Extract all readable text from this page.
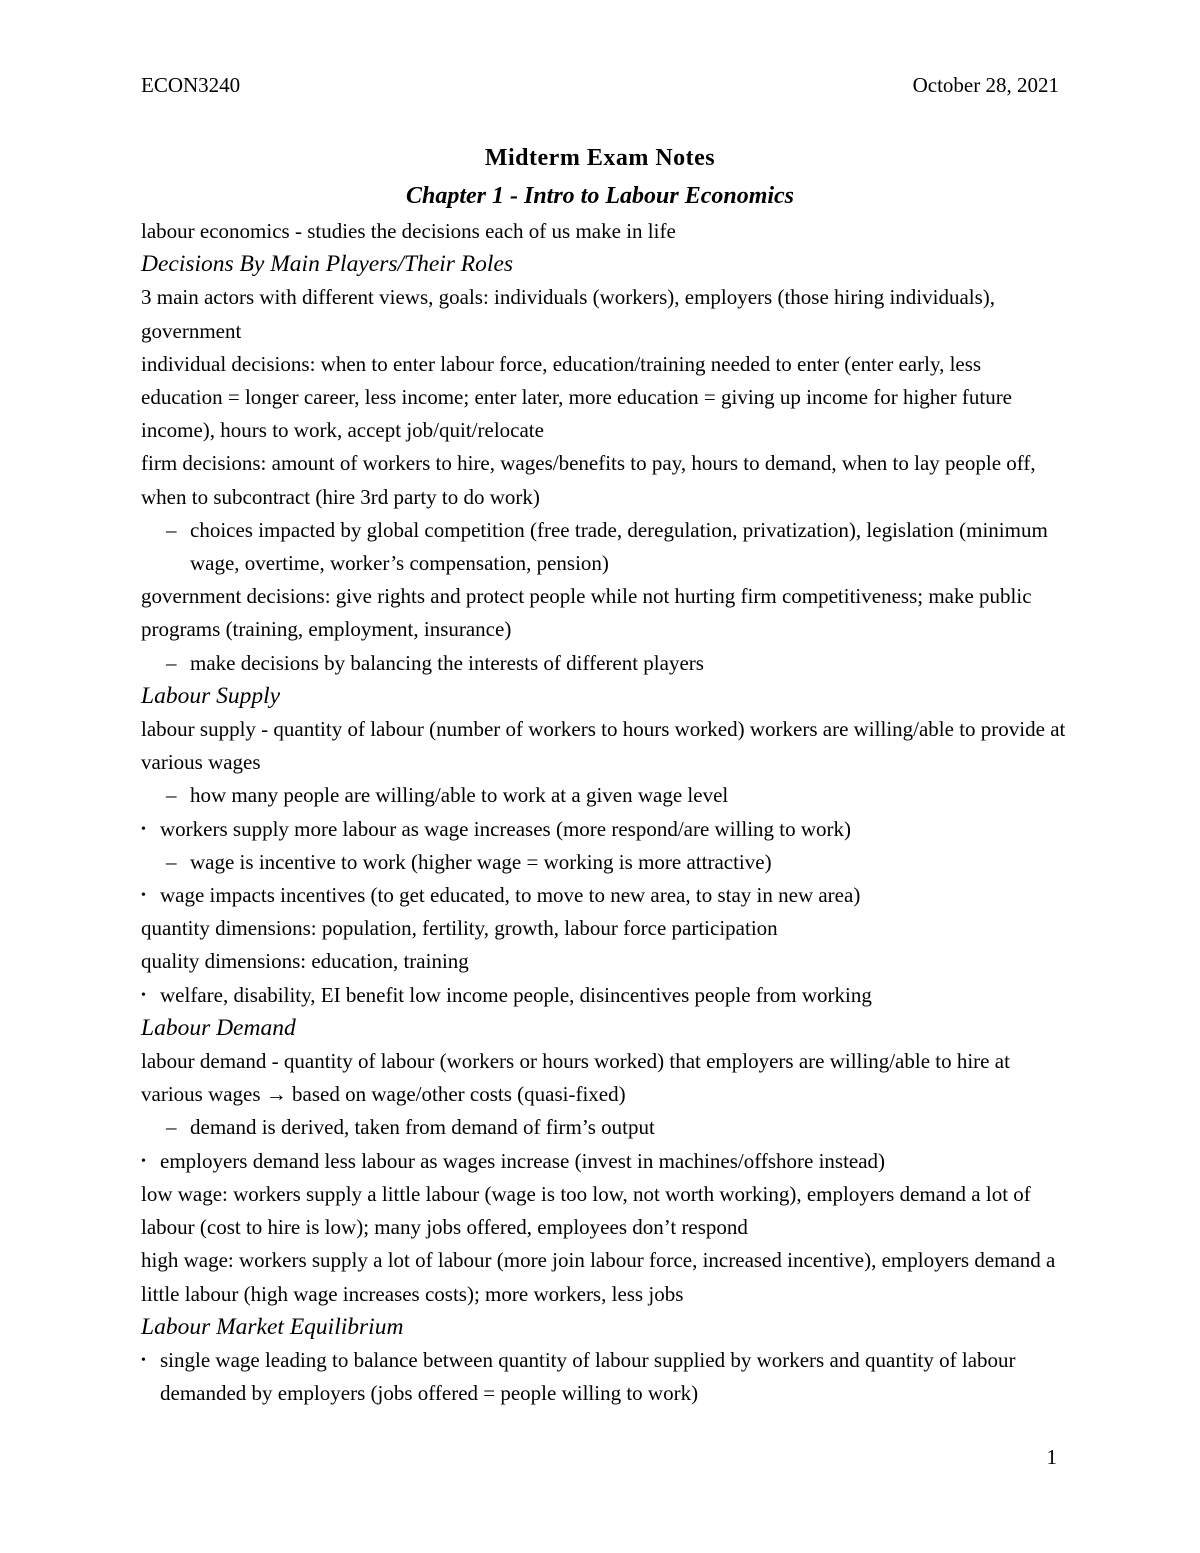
ECON3240	October 28, 2021
Midterm Exam Notes
Chapter 1 - Intro to Labour Economics

labour economics - studies the decisions each of us make in life

Decisions By Main Players/Their Roles

3 main actors with different views, goals: individuals (workers), employers (those hiring individuals), government

individual decisions: when to enter labour force, education/training needed to enter (enter early, less education = longer career, less income; enter later, more education = giving up income for higher future income), hours to work, accept job/quit/relocate

firm decisions: amount of workers to hire, wages/benefits to pay, hours to demand, when to lay people off, when to subcontract (hire 3rd party to do work)

– choices impacted by global competition (free trade, deregulation, privatization), legislation (minimum wage, overtime, worker’s compensation, pension)

government decisions: give rights and protect people while not hurting firm competitiveness; make public programs (training, employment, insurance)

– make decisions by balancing the interests of different players
Labour Supply

labour supply - quantity of labour (number of workers to hours worked) workers are willing/able to provide at various wages

– how many people are willing/able to work at a given wage level
• workers supply more labour as wage increases (more respond/are willing to work)
– wage is incentive to work (higher wage = working is more attractive)
• wage impacts incentives (to get educated, to move to new area, to stay in new area)

quantity dimensions: population, fertility, growth, labour force participation

quality dimensions: education, training

• welfare, disability, EI benefit low income people, disincentives people from working
Labour Demand

labour demand - quantity of labour (workers or hours worked) that employers are willing/able to hire at various wages → based on wage/other costs (quasi-fixed)

– demand is derived, taken from demand of firm’s output
• employers demand less labour as wages increase (invest in machines/offshore instead)

low wage: workers supply a little labour (wage is too low, not worth working), employers demand a lot of labour (cost to hire is low); many jobs offered, employees don’t respond

high wage: workers supply a lot of labour (more join labour force, increased incentive), employers demand a little labour (high wage increases costs); more workers, less jobs

Labour Market Equilibrium
• single wage leading to balance between quantity of labour supplied by workers and quantity of labour demanded by employers (jobs offered = people willing to work)
1
